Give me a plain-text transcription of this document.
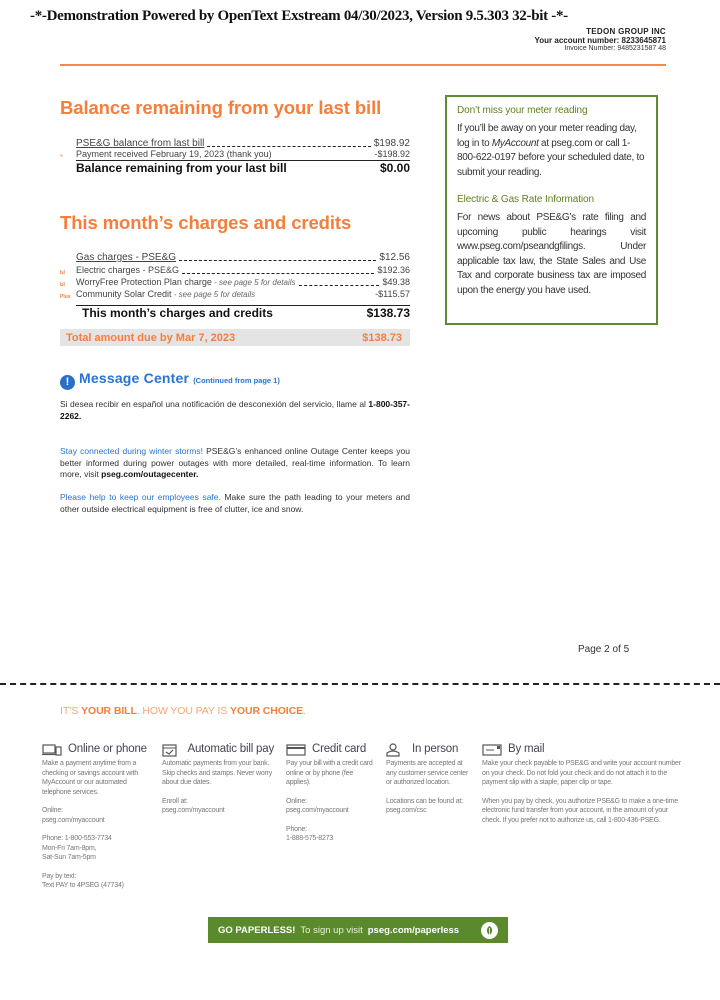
-*-Demonstration Powered by OpenText Exstream 04/30/2023, Version 9.5.303 32-bit -*-
TEDON GROUP INC
Your account number: 8233645871
Invoice Number: 9485231587 48
Balance remaining from your last bill
PSE&G balance from last bill	$198.92
» Payment received February 19, 2023 (thank you)	-$198.92
Balance remaining from your last bill	$0.00
This month’s charges and credits
Gas charges - PSE&G	$12.56
Ы Electric charges - PSE&G	$192.36
Ы WorryFree Protection Plan charge - see page 5 for details	$49.38
Plus Community Solar Credit - see page 5 for details	-$115.57
This month’s charges and credits	$138.73
Total amount due by Mar 7, 2023	$138.73
Don’t miss your meter reading
If you’ll be away on your meter reading day, log in to MyAccount at pseg.com or call 1-800-622-0197 before your scheduled date, to submit your reading.
Electric & Gas Rate Information
For news about PSE&G’s rate filing and upcoming public hearings visit www.pseg.com/pseandgfilings. Under applicable tax law, the State Sales and Use Tax and corporate business tax are imposed upon the energy you have used.
! Message Center (Continued from page 1)
Si desea recibir en español una notificación de desconexión del servicio, llame al 1-800-357-2262.
Stay connected during winter storms! PSE&G’s enhanced online Outage Center keeps you better informed during power outages with more detailed, real-time information. To learn more, visit pseg.com/outagecenter.
Please help to keep our employees safe. Make sure the path leading to your meters and other outside electrical equipment is free of clutter, ice and snow.
Page 2 of 5
IT’S YOUR BILL. HOW YOU PAY IS YOUR CHOICE.
Online or phone
Make a payment anytime from a checking or savings account with MyAccount or our automated telephone services.
Online:
pseg.com/myaccount
Phone: 1-800-553-7734
Mon-Fri 7am-8pm,
Sat-Sun 7am-5pm
Pay by text:
Text PAY to 4PSEG (47734)
Automatic bill pay
Automatic payments from your bank. Skip checks and stamps. Never worry about due dates.
Enroll at:
pseg.com/myaccount
Credit card
Pay your bill with a credit card online or by phone (fee applies).
Online:
pseg.com/myaccount
Phone:
1-888-575-8273
In person
Payments are accepted at any customer service center or authorized location.
Locations can be found at:
pseg.com/csc
By mail
Make your check payable to PSE&G and write your account number on your check. Do not fold your check and do not attach it to the payment slip with a staple, paper clip or tape.
When you pay by check, you authorize PSE&G to make a one-time electronic fund transfer from your account, in the amount of your check. If you prefer not to authorize us, call 1-800-436-PSEG.
GO PAPERLESS! To sign up visit pseg.com/paperless
